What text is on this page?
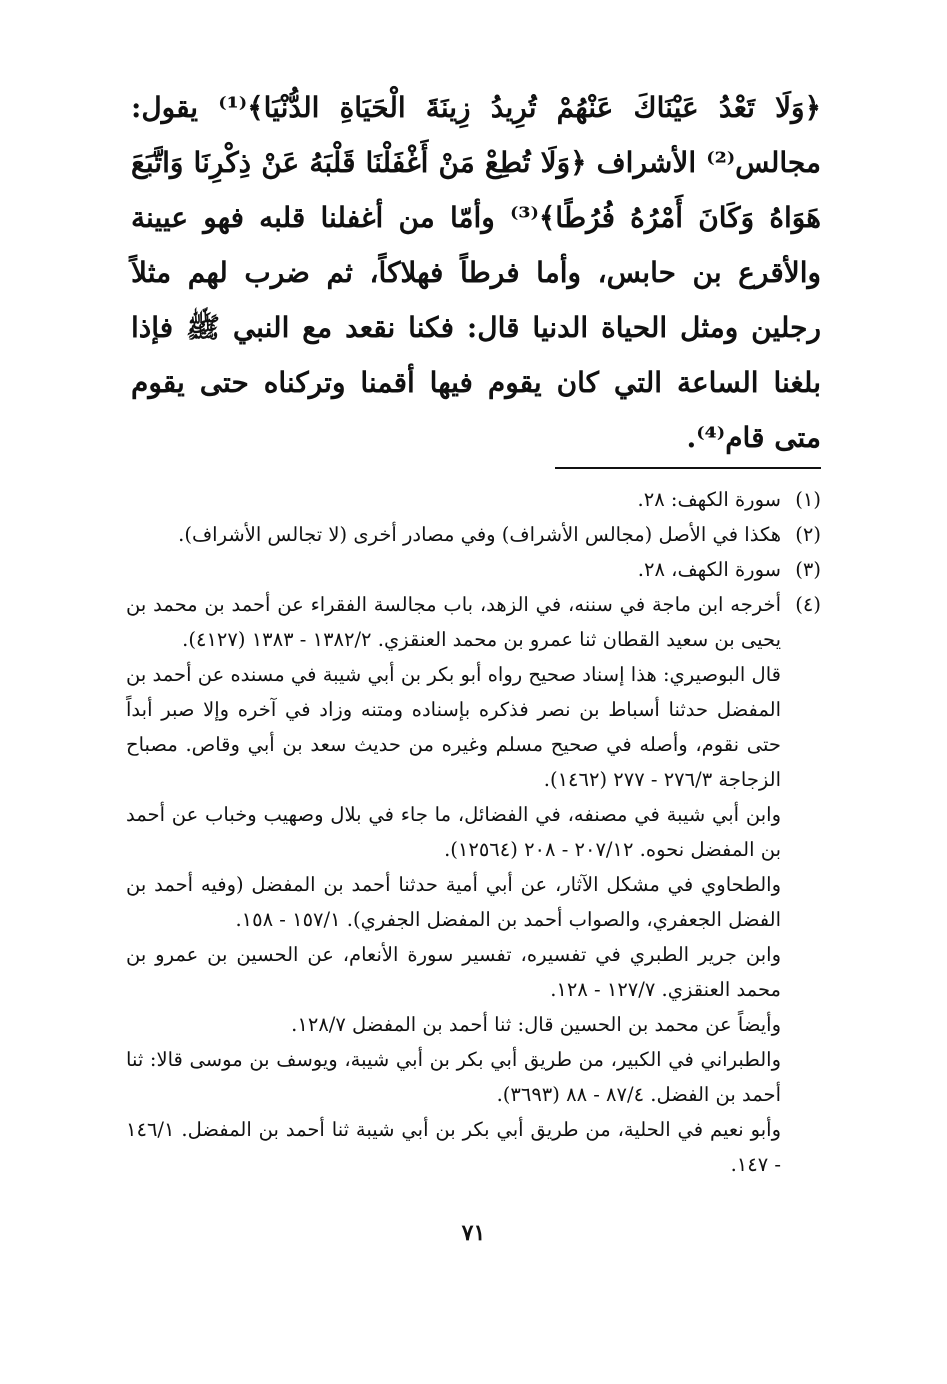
﴿وَلَا تَعْدُ عَيْنَاكَ عَنْهُمْ تُرِيدُ زِينَةَ الْحَيَاةِ الدُّنْيَا﴾⁽¹⁾ يقول: مجالس⁽²⁾ الأشراف ﴿وَلَا تُطِعْ مَنْ أَغْفَلْنَا قَلْبَهُ عَنْ ذِكْرِنَا وَاتَّبَعَ هَوَاهُ وَكَانَ أَمْرُهُ فُرُطًا﴾⁽³⁾ وأمّا من أغفلنا قلبه فهو عيينة والأقرع بن حابس، وأما فرطاً فهلاكاً، ثم ضرب لهم مثلاً رجلين ومثل الحياة الدنيا قال: فكنا نقعد مع النبي ﷺ فإذا بلغنا الساعة التي كان يقوم فيها أقمنا وتركناه حتى يقوم متى قام⁽⁴⁾.

(١)

سورة الكهف: ٢٨.

(٢)

هكذا في الأصل (مجالس الأشراف) وفي مصادر أخرى (لا تجالس الأشراف).

(٣)

سورة الكهف، ٢٨.

(٤)

أخرجه ابن ماجة في سننه، في الزهد، باب مجالسة الفقراء عن أحمد بن محمد بن يحيى بن سعيد القطان ثنا عمرو بن محمد العنقزي. ١٣٨٢/٢ - ١٣٨٣ (٤١٢٧).

قال البوصيري: هذا إسناد صحيح رواه أبو بكر بن أبي شيبة في مسنده عن أحمد بن المفضل حدثنا أسباط بن نصر فذكره بإسناده ومتنه وزاد في آخره وإلا صبر أبداً حتى نقوم، وأصله في صحيح مسلم وغيره من حديث سعد بن أبي وقاص. مصباح الزجاجة ٢٧٦/٣ - ٢٧٧ (١٤٦٢).

وابن أبي شيبة في مصنفه، في الفضائل، ما جاء في بلال وصهيب وخباب عن أحمد بن المفضل نحوه. ٢٠٧/١٢ - ٢٠٨ (١٢٥٦٤).

والطحاوي في مشكل الآثار، عن أبي أمية حدثنا أحمد بن المفضل (وفيه أحمد بن الفضل الجعفري، والصواب أحمد بن المفضل الجفري). ١٥٧/١ - ١٥٨.

وابن جرير الطبري في تفسيره، تفسير سورة الأنعام، عن الحسين بن عمرو بن محمد العنقزي. ١٢٧/٧ - ١٢٨.

وأيضاً عن محمد بن الحسين قال: ثنا أحمد بن المفضل ١٢٨/٧.

والطبراني في الكبير، من طريق أبي بكر بن أبي شيبة، ويوسف بن موسى قالا: ثنا أحمد بن الفضل. ٨٧/٤ - ٨٨ (٣٦٩٣).

وأبو نعيم في الحلية، من طريق أبي بكر بن أبي شيبة ثنا أحمد بن المفضل. ١٤٦/١ - ١٤٧.

٧١
